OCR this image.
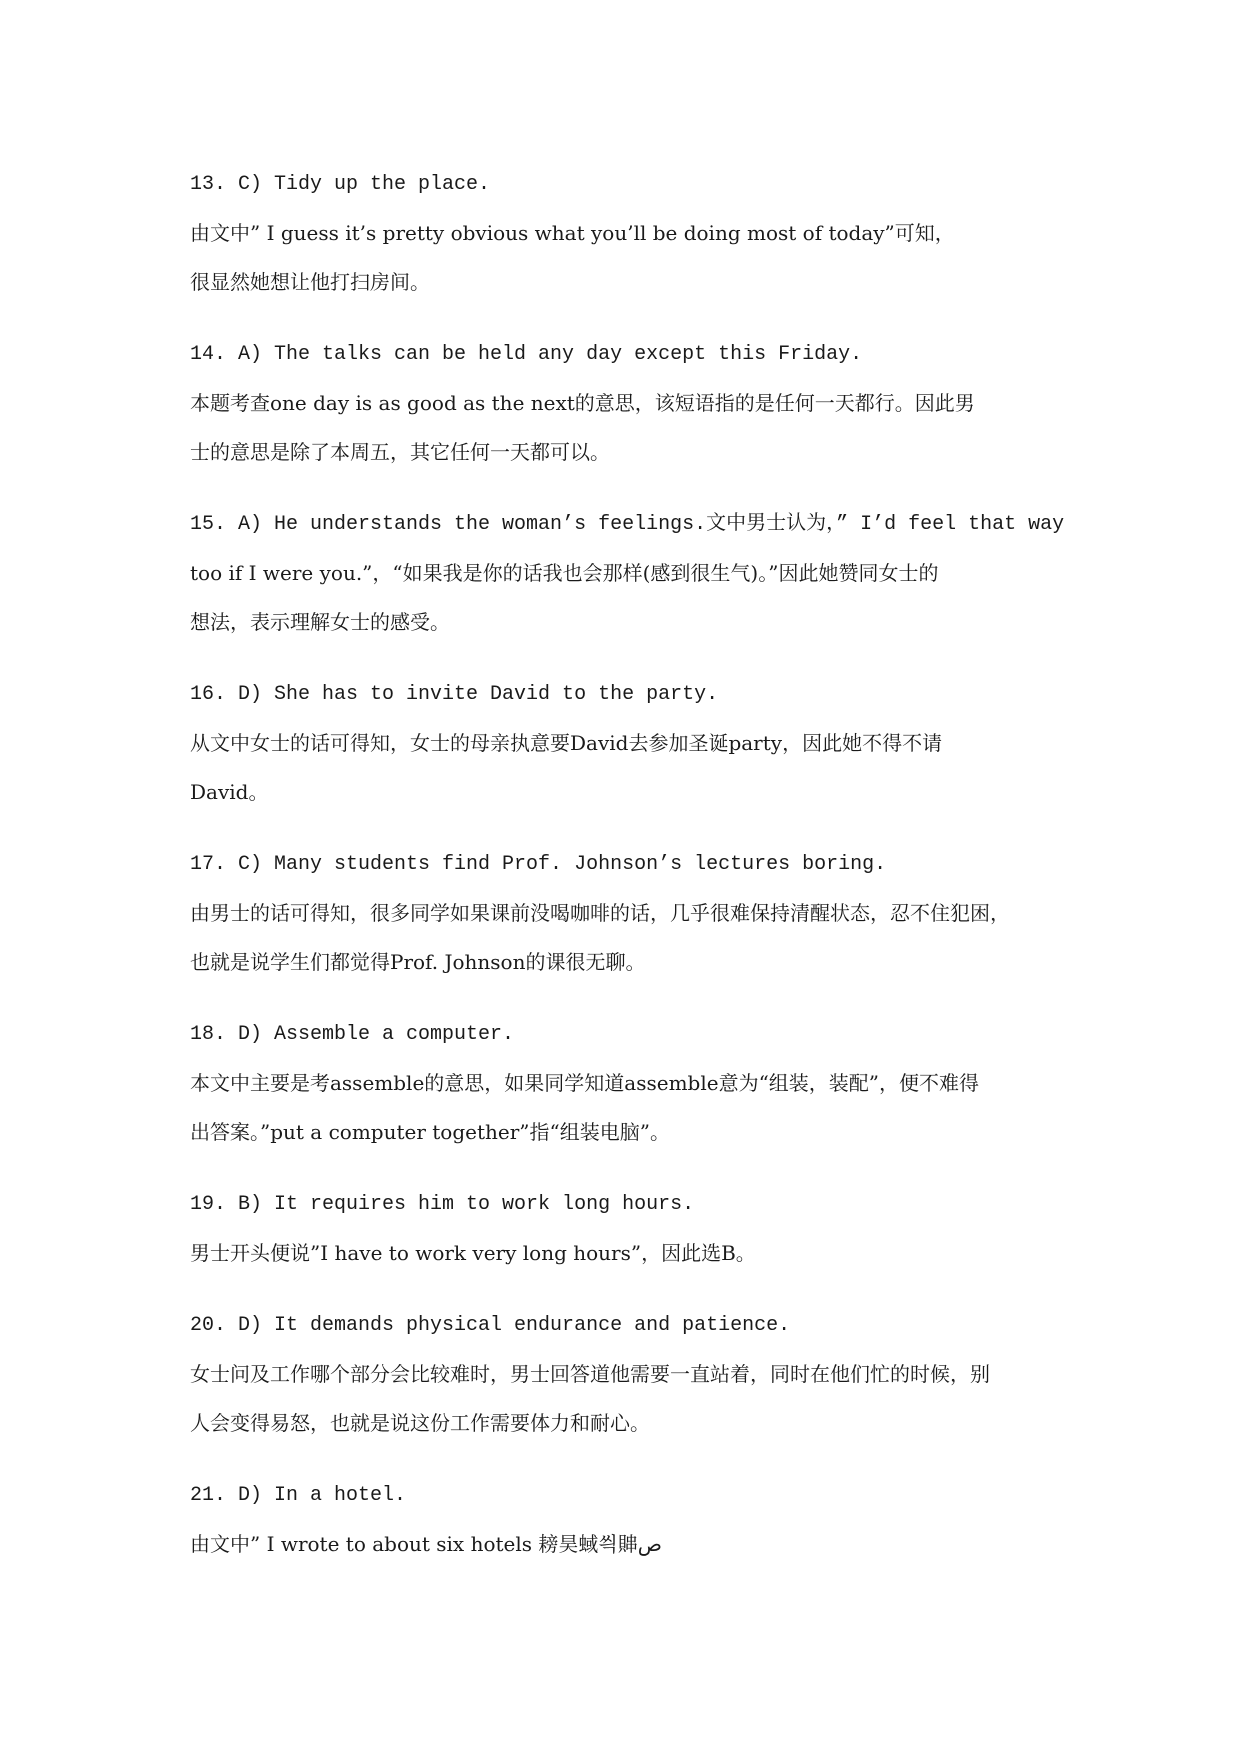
13. C) Tidy up the place.
由文中” I guess it’s pretty obvious what you’ll be doing most of today”可知，
很显然她想让他打扫房间。
14. A) The talks can be held any day except this Friday.
本题考查one day is as good as the next的意思，该短语指的是任何一天都行。因此男
士的意思是除了本周五，其它任何一天都可以。
15. A) He understands the woman’s feelings.文中男士认为，” I’d feel that way
too if I were you.”，“如果我是你的话我也会那样(感到很生气)。”因此她赞同女士的
想法，表示理解女士的感受。
16. D) She has to invite David to the party.
从文中女士的话可得知，女士的母亲执意要David去参加圣诞party，因此她不得不请
David。
17. C) Many students find Prof. Johnson’s lectures boring.
由男士的话可得知，很多同学如果课前没喝咖啡的话，几乎很难保持清醒状态，忍不住犯困，
也就是说学生们都觉得Prof. Johnson的课很无聊。
18. D) Assemble a computer.
本文中主要是考assemble的意思，如果同学知道assemble意为“组装，装配”，便不难得
出答案。”put a computer together”指“组装电脑”。
19. B) It requires him to work long hours.
男士开头便说”I have to work very long hours”，因此选B。
20. D) It demands physical endurance and patience.
女士问及工作哪个部分会比较难时，男士回答道他需要一直站着，同时在他们忙的时候，别
人会变得易怒，也就是说这份工作需要体力和耐心。
21. D) In a hotel.
由文中” I wrote to about six hotels 耪昊蜮씍賗ص
